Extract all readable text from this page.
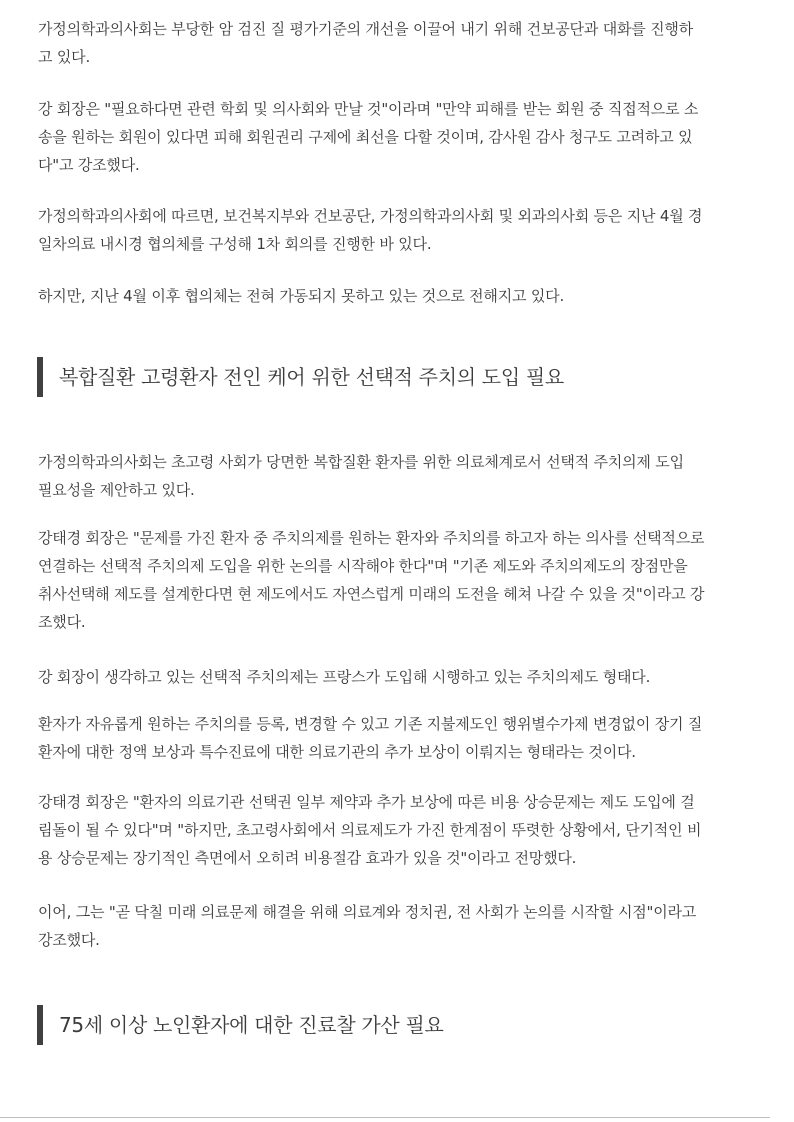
가정의학과의사회는 부당한 암 검진 질 평가기준의 개선을 이끌어 내기 위해 건보공단과 대화를 진행하
고 있다.

강 회장은 "필요하다면 관련 학회 및 의사회와 만날 것"이라며 "만약 피해를 받는 회원 중 직접적으로 소
송을 원하는 회원이 있다면 피해 회원권리 구제에 최선을 다할 것이며, 감사원 감사 청구도 고려하고 있
다"고 강조했다.

가정의학과의사회에 따르면, 보건복지부와 건보공단, 가정의학과의사회 및 외과의사회 등은 지난 4월 경
일차의료 내시경 협의체를 구성해 1차 회의를 진행한 바 있다.

하지만, 지난 4월 이후 협의체는 전혀 가동되지 못하고 있는 것으로 전해지고 있다.

복합질환 고령환자 전인 케어 위한 선택적 주치의 도입 필요

가정의학과의사회는 초고령 사회가 당면한 복합질환 환자를 위한 의료체계로서 선택적 주치의제 도입
필요성을 제안하고 있다.

강태경 회장은 "문제를 가진 환자 중 주치의제를 원하는 환자와 주치의를 하고자 하는 의사를 선택적으로
연결하는 선택적 주치의제 도입을 위한 논의를 시작해야 한다"며 "기존 제도와 주치의제도의 장점만을
취사선택해 제도를 설계한다면 현 제도에서도 자연스럽게 미래의 도전을 헤쳐 나갈 수 있을 것"이라고 강
조했다.

강 회장이 생각하고 있는 선택적 주치의제는 프랑스가 도입해 시행하고 있는 주치의제도 형태다.

환자가 자유롭게 원하는 주치의를 등록, 변경할 수 있고 기존 지불제도인 행위별수가제 변경없이 장기 질
환자에 대한 정액 보상과 특수진료에 대한 의료기관의 추가 보상이 이뤄지는 형태라는 것이다.

강태경 회장은 "환자의 의료기관 선택권 일부 제약과 추가 보상에 따른 비용 상승문제는 제도 도입에 걸
림돌이 될 수 있다"며 "하지만, 초고령사회에서 의료제도가 가진 한계점이 뚜렷한 상황에서, 단기적인 비
용 상승문제는 장기적인 측면에서 오히려 비용절감 효과가 있을 것"이라고 전망했다.

이어, 그는 "곧 닥칠 미래 의료문제 해결을 위해 의료계와 정치권, 전 사회가 논의를 시작할 시점"이라고
강조했다.

75세 이상 노인환자에 대한 진료찰 가산 필요
